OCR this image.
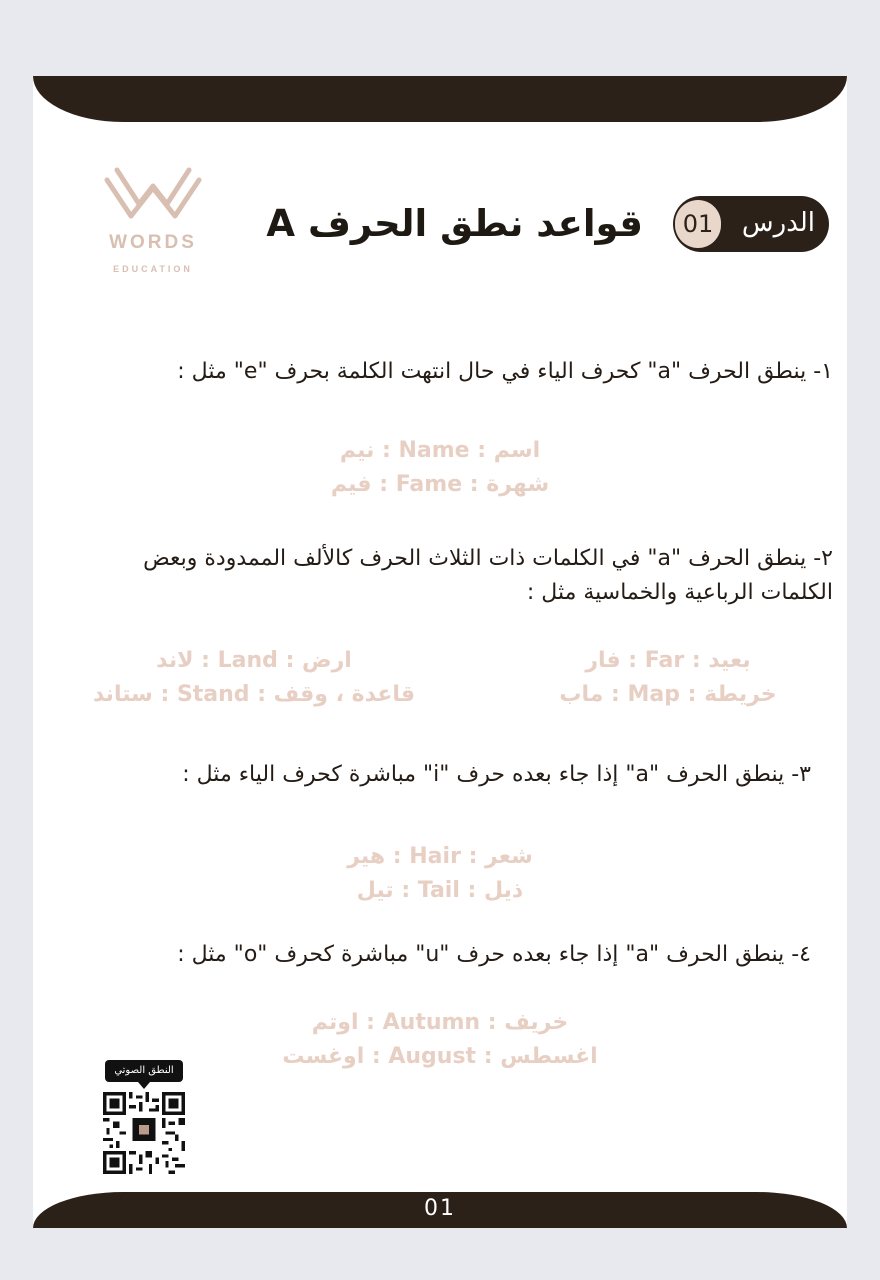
WORDS
EDUCATION
01 الدرس
قواعد نطق الحرف A
١- ينطق الحرف "a" كحرف الياء في حال انتهت الكلمة بحرف "e" مثل :
اسم : Name : نيم
شهرة : Fame : فيم
٢- ينطق الحرف "a" في الكلمات ذات الثلاث الحرف كالألف الممدودة وبعض الكلمات الرباعية والخماسية مثل :
بعيد : Far : فار
خريطة : Map : ماب
ارض : Land : لاند
قاعدة ، وقف : Stand : ستاند
٣- ينطق الحرف "a" إذا جاء بعده حرف "i" مباشرة كحرف الياء مثل :
شعر : Hair : هير
ذيل : Tail : تيل
٤- ينطق الحرف "a" إذا جاء بعده حرف "u" مباشرة كحرف "o" مثل :
خريف : Autumn : اوتم
اغسطس : August : اوغست
النطق الصوتي
01
